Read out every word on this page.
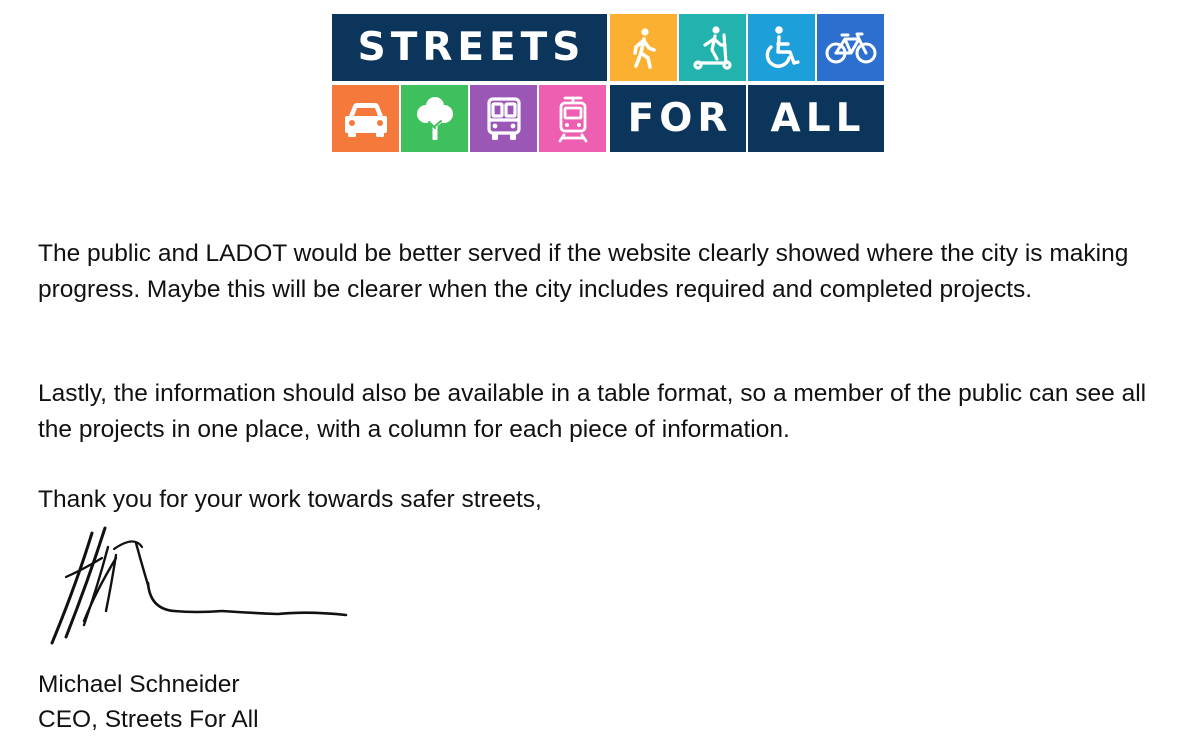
STREETS
FOR ALL

The public and LADOT would be better served if the website clearly showed where the city is making progress. Maybe this will be clearer when the city includes required and completed projects.

Lastly, the information should also be available in a table format, so a member of the public can see all the projects in one place, with a column for each piece of information.

Thank you for your work towards safer streets,

Michael Schneider

CEO, Streets For All
